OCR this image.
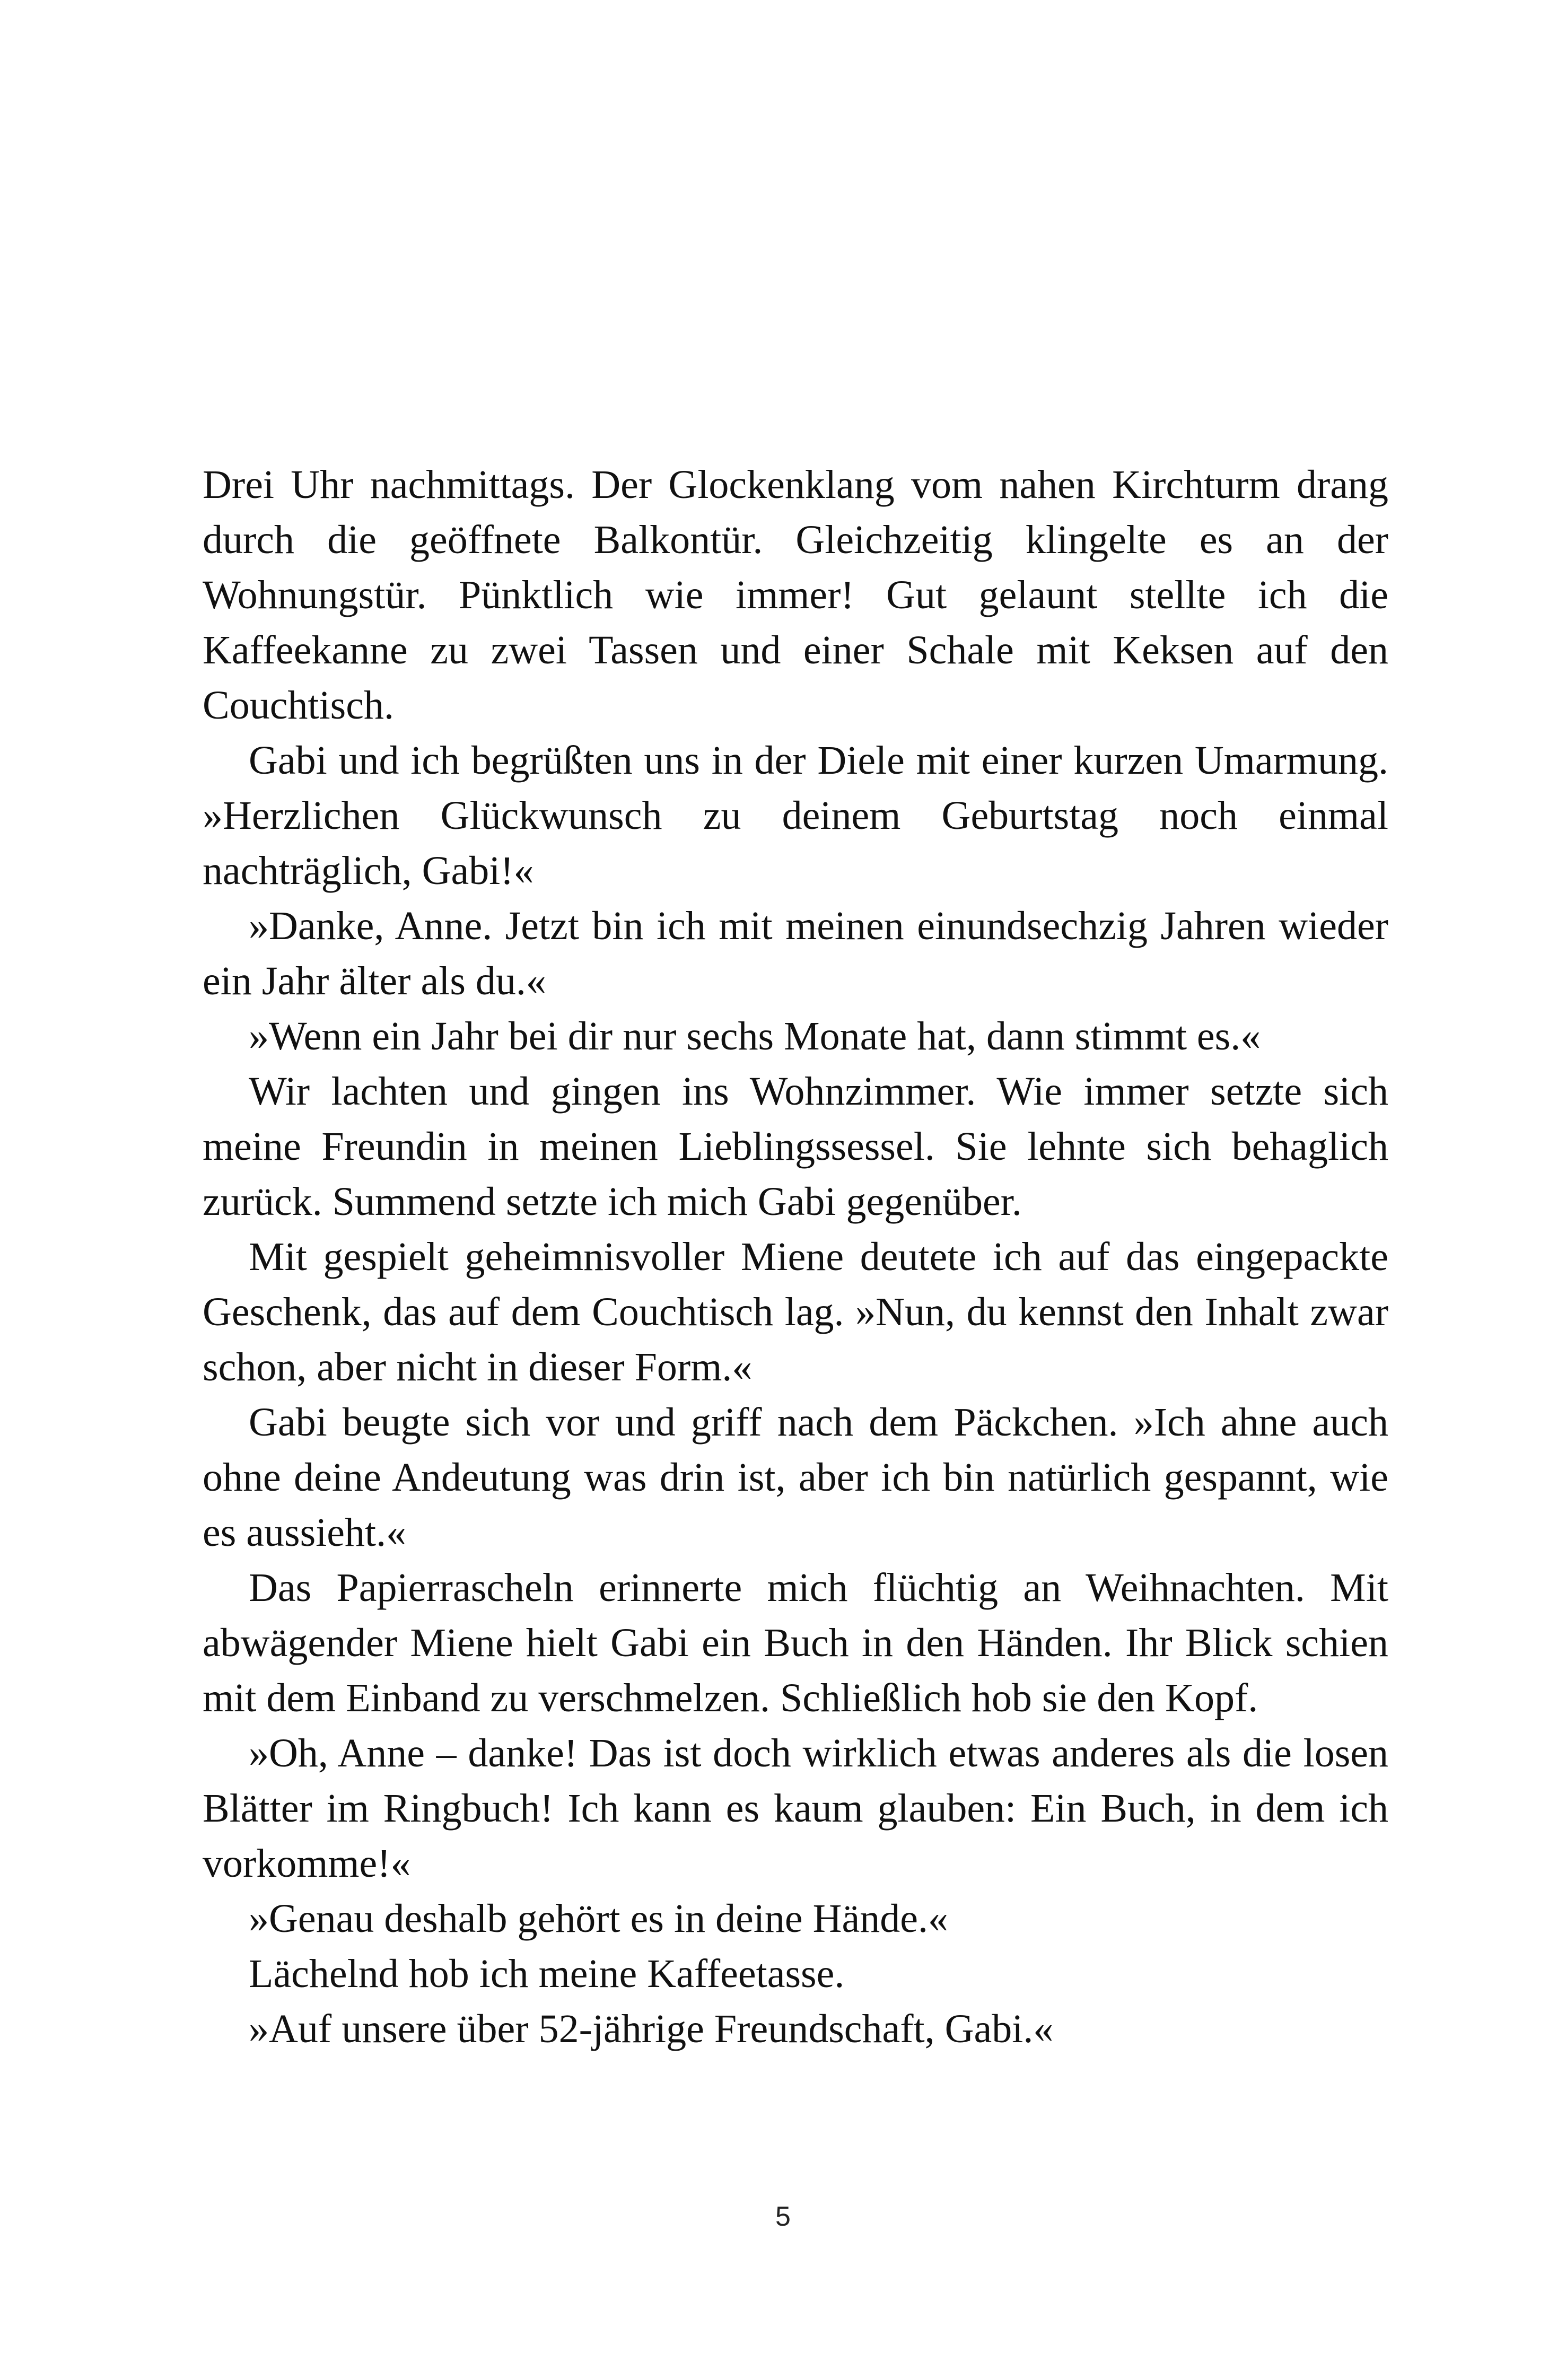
Drei Uhr nachmittags. Der Glockenklang vom nahen Kirchturm drang durch die geöffnete Balkontür. Gleichzeitig klingelte es an der Wohnungstür. Pünktlich wie immer! Gut gelaunt stellte ich die Kaffeekanne zu zwei Tassen und einer Schale mit Keksen auf den Couchtisch.

Gabi und ich begrüßten uns in der Diele mit einer kurzen Umarmung. »Herzlichen Glückwunsch zu deinem Geburtstag noch einmal nachträglich, Gabi!«

»Danke, Anne. Jetzt bin ich mit meinen einundsechzig Jahren wieder ein Jahr älter als du.«

»Wenn ein Jahr bei dir nur sechs Monate hat, dann stimmt es.«

Wir lachten und gingen ins Wohnzimmer. Wie immer setzte sich meine Freundin in meinen Lieblingssessel. Sie lehnte sich behaglich zurück. Summend setzte ich mich Gabi gegenüber.

Mit gespielt geheimnisvoller Miene deutete ich auf das eingepackte Geschenk, das auf dem Couchtisch lag. »Nun, du kennst den Inhalt zwar schon, aber nicht in dieser Form.«

Gabi beugte sich vor und griff nach dem Päckchen. »Ich ahne auch ohne deine Andeutung was drin ist, aber ich bin natürlich gespannt, wie es aussieht.«

Das Papierrascheln erinnerte mich flüchtig an Weihnachten. Mit abwägender Miene hielt Gabi ein Buch in den Händen. Ihr Blick schien mit dem Einband zu verschmelzen. Schließlich hob sie den Kopf.

»Oh, Anne – danke! Das ist doch wirklich etwas anderes als die losen Blätter im Ringbuch! Ich kann es kaum glauben: Ein Buch, in dem ich vorkomme!«

»Genau deshalb gehört es in deine Hände.«

Lächelnd hob ich meine Kaffeetasse.

»Auf unsere über 52-jährige Freundschaft, Gabi.«

5
